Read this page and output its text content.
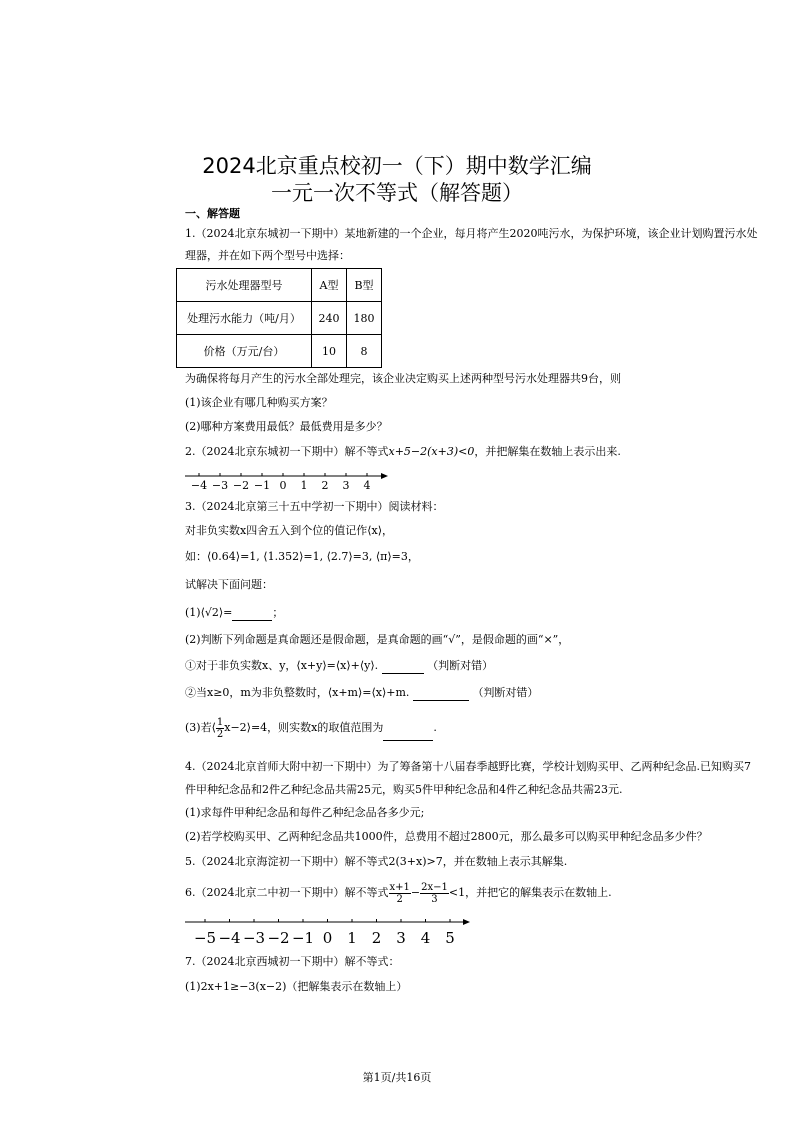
2024北京重点校初一（下）期中数学汇编
一元一次不等式（解答题）
一、解答题
1.（2024北京东城初一下期中）某地新建的一个企业，每月将产生2020吨污水，为保护环境，该企业计划购置污水处理器，并在如下两个型号中选择：
污水处理器型号	A型	B型
处理污水能力（吨/月）	240	180
价格（万元/台）	10	8
为确保将每月产生的污水全部处理完，该企业决定购买上述两种型号污水处理器共9台，则
(1)该企业有哪几种购买方案？
(2)哪种方案费用最低？最低费用是多少？
2.（2024北京东城初一下期中）解不等式x+5−2(x+3)<0，并把解集在数轴上表示出来.
−4 −3 −2 −1 0 1 2 3 4
3.（2024北京第三十五中学初一下期中）阅读材料：
对非负实数x四舍五入到个位的值记作⟨x⟩，
如：⟨0.64⟩=1, ⟨1.352⟩=1, ⟨2.7⟩=3, ⟨π⟩=3，
试解决下面问题：
(1)⟨√2⟩=	；
(2)判断下列命题是真命题还是假命题，是真命题的画“√”，是假命题的画“×”，
①对于非负实数x、y，⟨x+y⟩=⟨x⟩+⟨y⟩.	（判断对错）
②当x≥0，m为非负整数时，⟨x+m⟩=⟨x⟩+m.	（判断对错）
(3)若⟨ $\frac{1}{2}$ x−2⟩=4，则实数x的取值范围为	.
4.（2024北京首师大附中初一下期中）为了筹备第十八届春季越野比赛，学校计划购买甲、乙两种纪念品.已知购买7件甲种纪念品和2件乙种纪念品共需25元，购买5件甲种纪念品和4件乙种纪念品共需23元.
(1)求每件甲种纪念品和每件乙种纪念品各多少元;
(2)若学校购买甲、乙两种纪念品共1000件，总费用不超过2800元，那么最多可以购买甲种纪念品多少件？
5.（2024北京海淀初一下期中）解不等式2(3+x)>7，并在数轴上表示其解集.
6.（2024北京二中初一下期中）解不等式 $\frac{x+1}{2} - \frac{2x-1}{3} <1$，并把它的解集表示在数轴上.
−5 −4 −3 −2 −1 0 1 2 3 4 5
7.（2024北京西城初一下期中）解不等式：
(1)2x+1≥−3(x−2)（把解集表示在数轴上）
第1页/共16页
